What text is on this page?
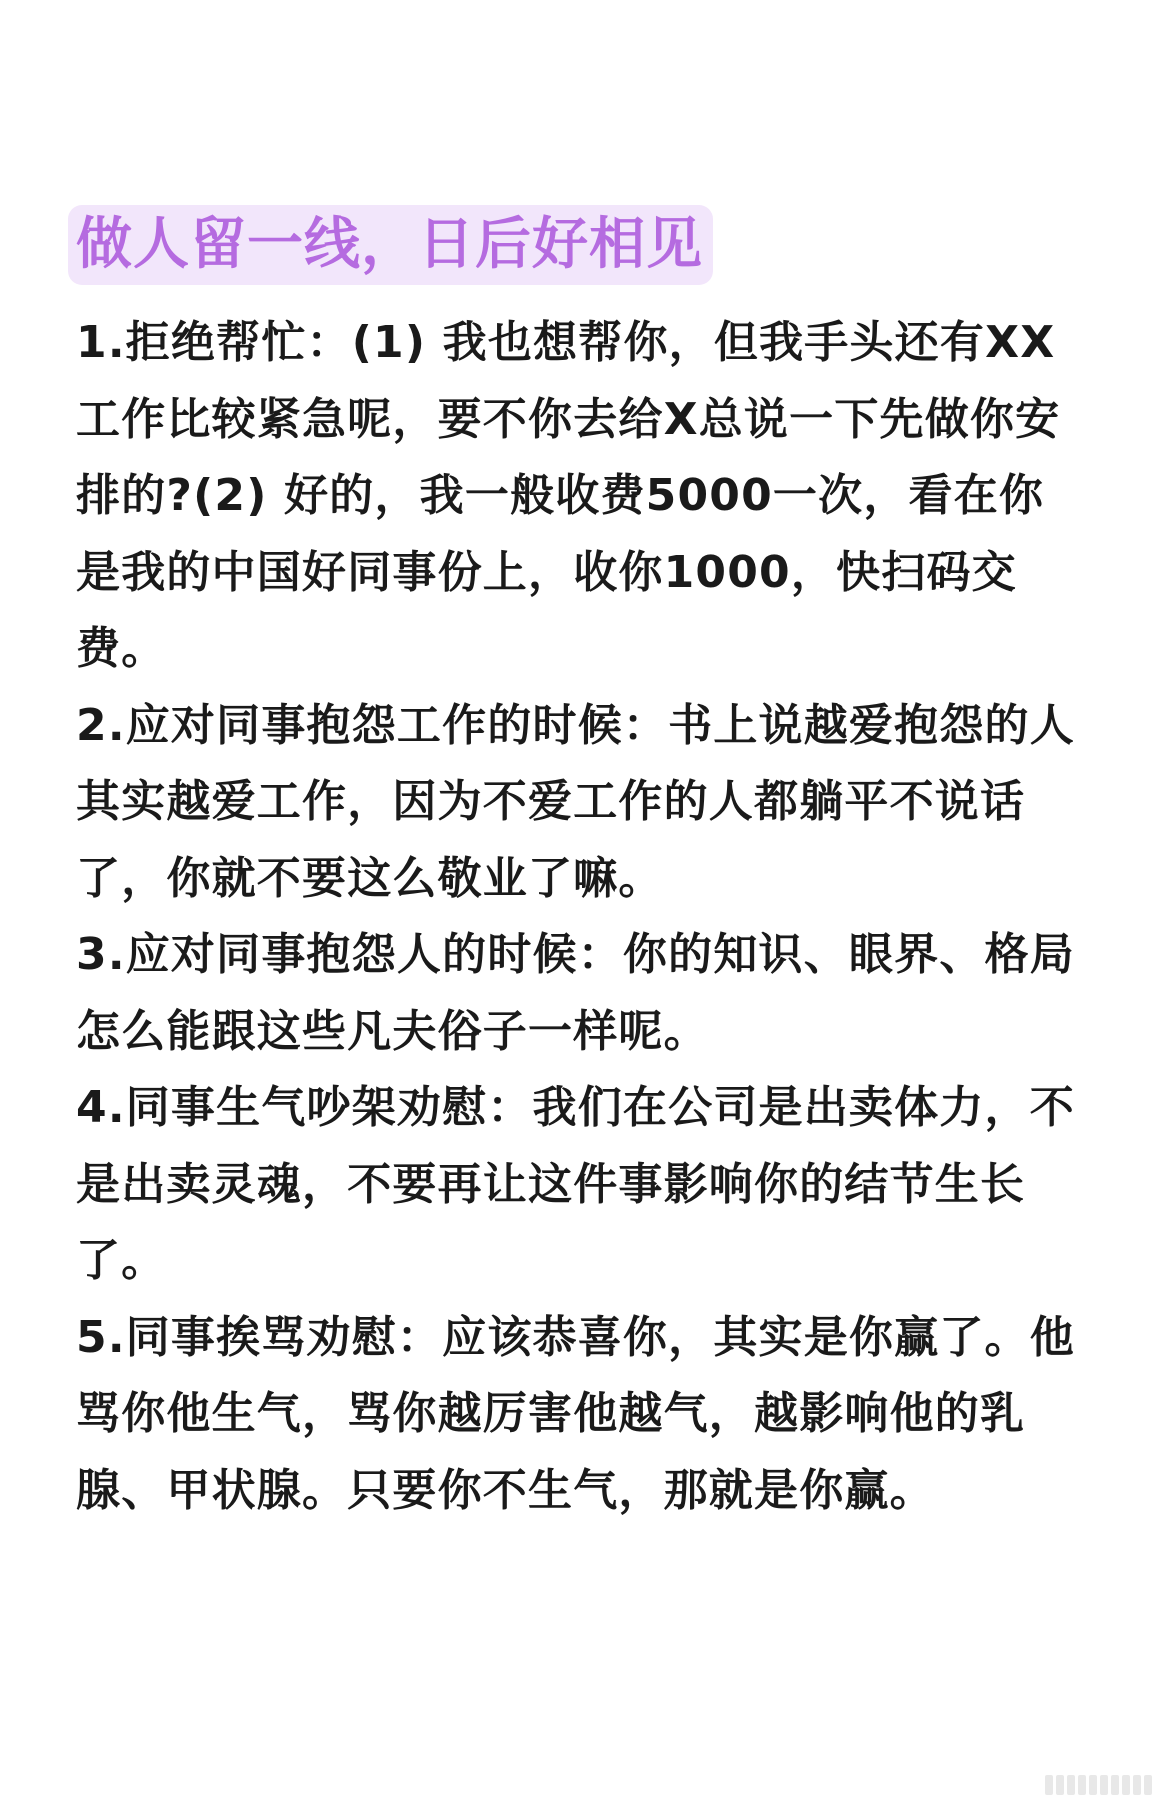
做人留一线，日后好相见

1.拒绝帮忙：(1) 我也想帮你，但我手头还有XX工作比较紧急呢，要不你去给X总说一下先做你安排的?(2) 好的，我一般收费5000一次，看在你是我的中国好同事份上，收你1000，快扫码交费。

2.应对同事抱怨工作的时候：书上说越爱抱怨的人其实越爱工作，因为不爱工作的人都躺平不说话了，你就不要这么敬业了嘛。

3.应对同事抱怨人的时候：你的知识、眼界、格局怎么能跟这些凡夫俗子一样呢。

4.同事生气吵架劝慰：我们在公司是出卖体力，不是出卖灵魂，不要再让这件事影响你的结节生长了。

5.同事挨骂劝慰：应该恭喜你，其实是你赢了。他骂你他生气，骂你越厉害他越气，越影响他的乳腺、甲状腺。只要你不生气，那就是你赢。
